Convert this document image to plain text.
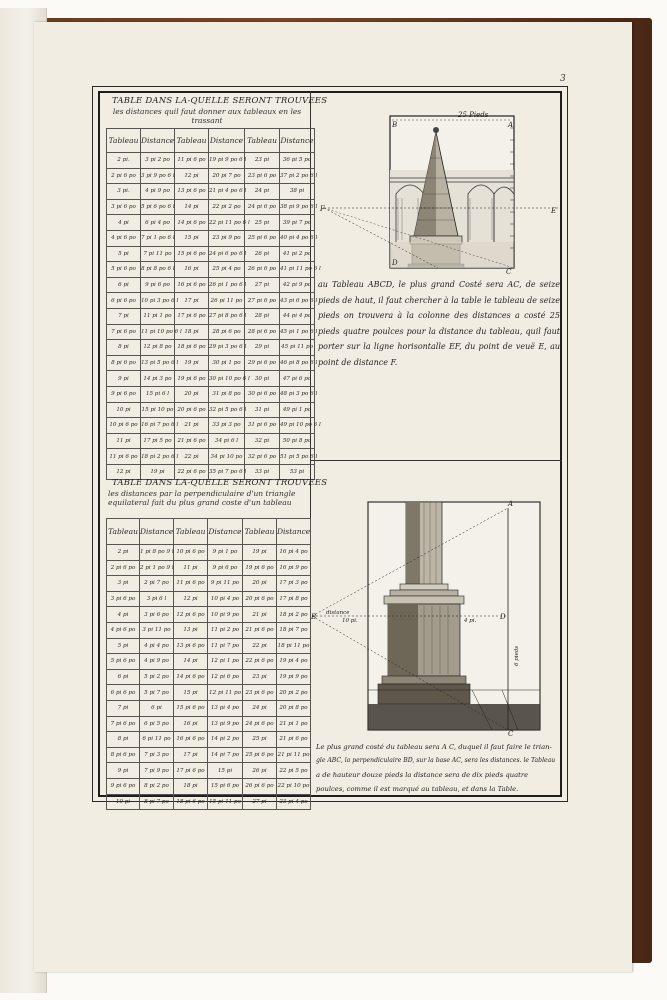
3
TABLE DANS LA-QUELLE SERONT TROUVEES
les distances quil faut donner aux tableaux en les trassant
Tableau	Distance	Tableau	Distance	Tableau	Distance
2 pi.	3 pi 2 po	11 pi 6 po	19 pi 9 po 6 l	23 pi	36 pi 5 po
2 pi 6 po	3 pi 9 po 6 l	12 pi	20 pi 7 po	23 pi 6 po	37 pi 2 po 6 l
3 pi.	4 pi 9 po	13 pi 6 po	21 pi 4 po 6 l	24 pi	38 pi
3 pi 6 po	5 pi 6 po 6 l	14 pi	22 pi 2 po	24 pi 6 po	38 pi 9 po 6 l
4 pi	6 pi 4 po	14 pi 6 po	22 pi 11 po 6 l	25 pi	39 pi 7 po
4 pi 6 po	7 pi 1 po 6 l	15 pi	23 pi 9 po	25 pi 6 po	40 pi 4 po 6 l
5 pi	7 pi 11 po	15 pi 6 po	24 pi 6 po 6 l	26 pi	41 pi 2 po
5 pi 6 po	8 pi 8 po 6 l	16 pi	25 pi 4 po	26 pi 6 po	41 pi 11 po 6 l
6 pi	9 pi 6 po	16 pi 6 po	26 pi 1 po 6 l	27 pi	42 pi 9 po
6 pi 6 po	10 pi 3 po 6 l	17 pi	26 pi 11 po	27 pi 6 po	43 pi 6 po 6 l
7 pi	11 pi 1 po	17 pi 6 po	27 pi 8 po 6 l	28 pi	44 pi 4 po
7 pi 6 po	11 pi 10 po 6 l	18 pi	28 pi 6 po	28 pi 6 po	45 pi 1 po 6 l
8 pi	12 pi 8 po	18 pi 6 po	29 pi 3 po 6 l	29 pi	45 pi 11 po
8 pi 6 po	13 pi 5 po 6 l	19 pi	30 pi 1 po	29 pi 6 po	46 pi 8 po 6 l
9 pi	14 pi 3 po	19 pi 6 po	30 pi 10 po 6 l	30 pi	47 pi 6 po
9 pi 6 po	15 pi 6 l	20 pi	31 pi 8 po	30 pi 6 po	48 pi 3 po 6 l
10 pi	15 pi 10 po	20 pi 6 po	32 pi 5 po 6 l	31 pi	49 pi 1 po
10 pi 6 po	16 pi 7 po 6 l	21 pi	33 pi 3 po	31 pi 6 po	49 pi 10 po 6 l
11 pi	17 pi 5 po	21 pi 6 po	34 pi 6 l	32 pi	50 pi 8 po
11 pi 6 po	18 pi 2 po 6 l	22 pi	34 pi 10 po	32 pi 6 po	51 pi 5 po 6 l
12 pi	19 pi	22 pi 6 po	35 pi 7 po 6 l	33 pi	53 pi
TABLE DANS LA-QUELLE SERONT TROUVEES
les distances par la perpendiculaire d'un triangle equilateral fait du plus grand coste d'un tableau
Tableau	Distance	Tableau	Distance	Tableau	Distance
2 pi	1 pi 8 po 9 l	10 pi 6 po	9 pi 1 po	19 pi	16 pi 4 po
2 pi 6 po	2 pi 1 po 9 l	11 pi	9 pi 6 po	19 pi 6 po	16 pi 9 po
3 pi	2 pi 7 po	11 pi 6 po	9 pi 11 po	20 pi	17 pi 3 po
3 pi 6 po	3 pi 6 l	12 pi	10 pi 4 po	20 pi 6 po	17 pi 8 po
4 pi	3 pi 6 po	12 pi 6 po	10 pi 9 po	21 pi	18 pi 2 po
4 pi 6 po	3 pi 11 po	13 pi	11 pi 2 po	21 pi 6 po	18 pi 7 po
5 pi	4 pi 4 po	13 pi 6 po	11 pi 7 po	22 pi	18 pi 11 po
5 pi 6 po	4 pi 9 po	14 pi	12 pi 1 po	22 pi 6 po	19 pi 4 po
6 pi	5 pi 2 po	14 pi 6 po	12 pi 6 po	23 pi	19 pi 9 po
6 pi 6 po	5 pi 7 po	15 pi	12 pi 11 po	23 pi 6 po	20 pi 2 po
7 pi	6 pi	15 pi 6 po	13 pi 4 po	24 pi	20 pi 8 po
7 pi 6 po	6 pi 5 po	16 pi	13 pi 9 po	24 pi 6 po	21 pi 1 po
8 pi	6 pi 11 po	16 pi 6 po	14 pi 2 po	25 pi	21 pi 6 po
8 pi 6 po	7 pi 3 po	17 pi	14 pi 7 po	25 pi 6 po	21 pi 11 po
9 pi	7 pi 9 po	17 pi 6 po	15 pi	26 pi	22 pi 5 po
9 pi 6 po	8 pi 2 po	18 pi	15 pi 6 po	26 pi 6 po	22 pi 10 po
10 pi	8 pi 7 po	18 pi 6 po	15 pi 11 po	27 pi	23 pi 4 po
25 Pieds
B	A
D
C
F	E
au Tableau ABCD, le plus grand Costé sera AC, de seize pieds de haut, il faut chercher à la table le tableau de seize pieds on trouvera à la colonne des distances a costé 25 pieds quatre poulces pour la distance du tableau, quil faut porter sur la ligne horisontalle EF, du point de veuë E, au point de distance F.
A
B	D
C
distance
10 pi.	4 pi.
6 pieds
Le plus grand costé du tableau sera A C, duquel il faut faire le trian-
gle ABC, la perpendiculaire BD, sur la base AC, sera les distances. le Tableau
a de hauteur douze pieds la distance sera de dix pieds quatre
poulces, comme il est marqué au tableau, et dans la Table.
